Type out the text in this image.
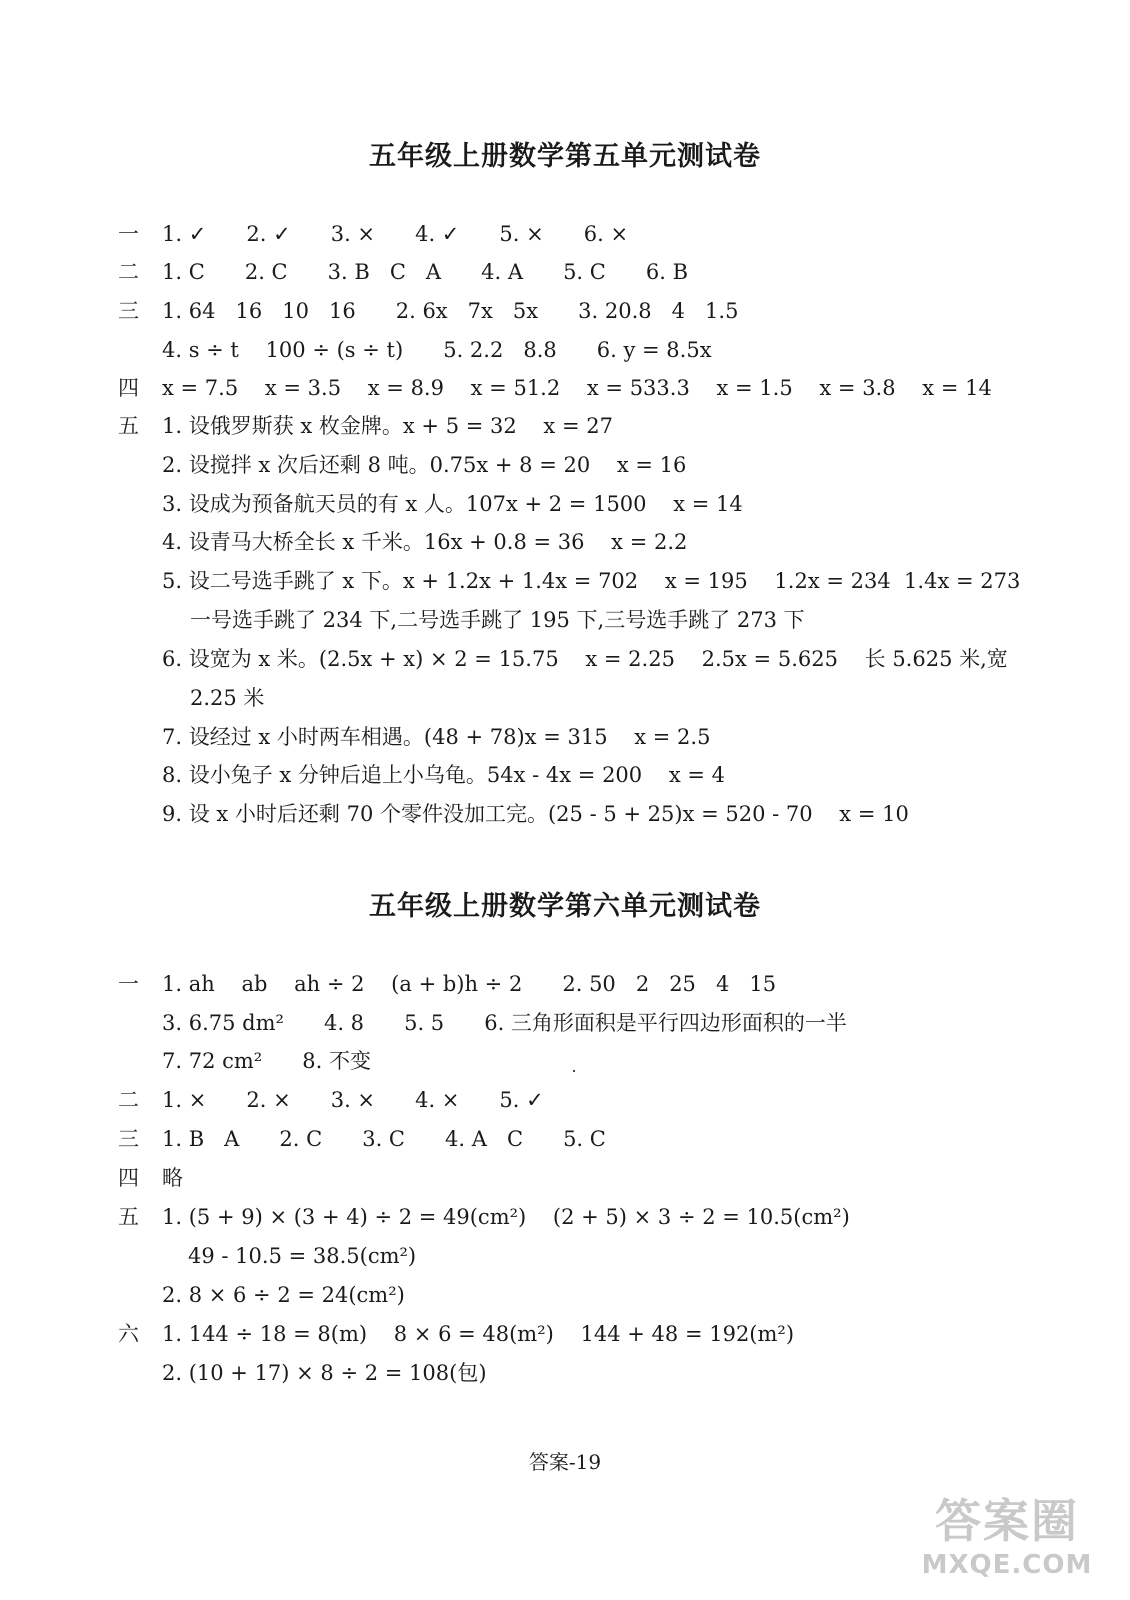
五年级上册数学第五单元测试卷
一 1. ✓      2. ✓      3. ×      4. ✓      5. ×      6. ×
二 1. C      2. C      3. B   C   A      4. A      5. C      6. B
三 1. 64   16   10   16      2. 6x   7x   5x      3. 20.8   4   1.5
4. s ÷ t    100 ÷ (s ÷ t)      5. 2.2   8.8      6. y = 8.5x
四 x = 7.5    x = 3.5    x = 8.9    x = 51.2    x = 533.3    x = 1.5    x = 3.8    x = 14
五 1. 设俄罗斯获 x 枚金牌。x + 5 = 32    x = 27
2. 设搅拌 x 次后还剩 8 吨。0.75x + 8 = 20    x = 16
3. 设成为预备航天员的有 x 人。107x + 2 = 1500    x = 14
4. 设青马大桥全长 x 千米。16x + 0.8 = 36    x = 2.2
5. 设二号选手跳了 x 下。x + 1.2x + 1.4x = 702    x = 195    1.2x = 234  1.4x = 273
一号选手跳了 234 下,二号选手跳了 195 下,三号选手跳了 273 下
6. 设宽为 x 米。(2.5x + x) × 2 = 15.75    x = 2.25    2.5x = 5.625    长 5.625 米,宽
2.25 米
7. 设经过 x 小时两车相遇。(48 + 78)x = 315    x = 2.5
8. 设小兔子 x 分钟后追上小乌龟。54x - 4x = 200    x = 4
9. 设 x 小时后还剩 70 个零件没加工完。(25 - 5 + 25)x = 520 - 70    x = 10
五年级上册数学第六单元测试卷
一 1. ah    ab    ah ÷ 2    (a + b)h ÷ 2      2. 50   2   25   4   15
3. 6.75 dm²      4. 8      5. 5      6. 三角形面积是平行四边形面积的一半
7. 72 cm²      8. 不变
二 1. ×      2. ×      3. ×      4. ×      5. ✓
三 1. B   A      2. C      3. C      4. A   C      5. C
四 略
五 1. (5 + 9) × (3 + 4) ÷ 2 = 49(cm²)    (2 + 5) × 3 ÷ 2 = 10.5(cm²)
49 - 10.5 = 38.5(cm²)
2. 8 × 6 ÷ 2 = 24(cm²)
六 1. 144 ÷ 18 = 8(m)    8 × 6 = 48(m²)    144 + 48 = 192(m²)
2. (10 + 17) × 8 ÷ 2 = 108(包)
答案-19
答案圈
MXQE.COM
